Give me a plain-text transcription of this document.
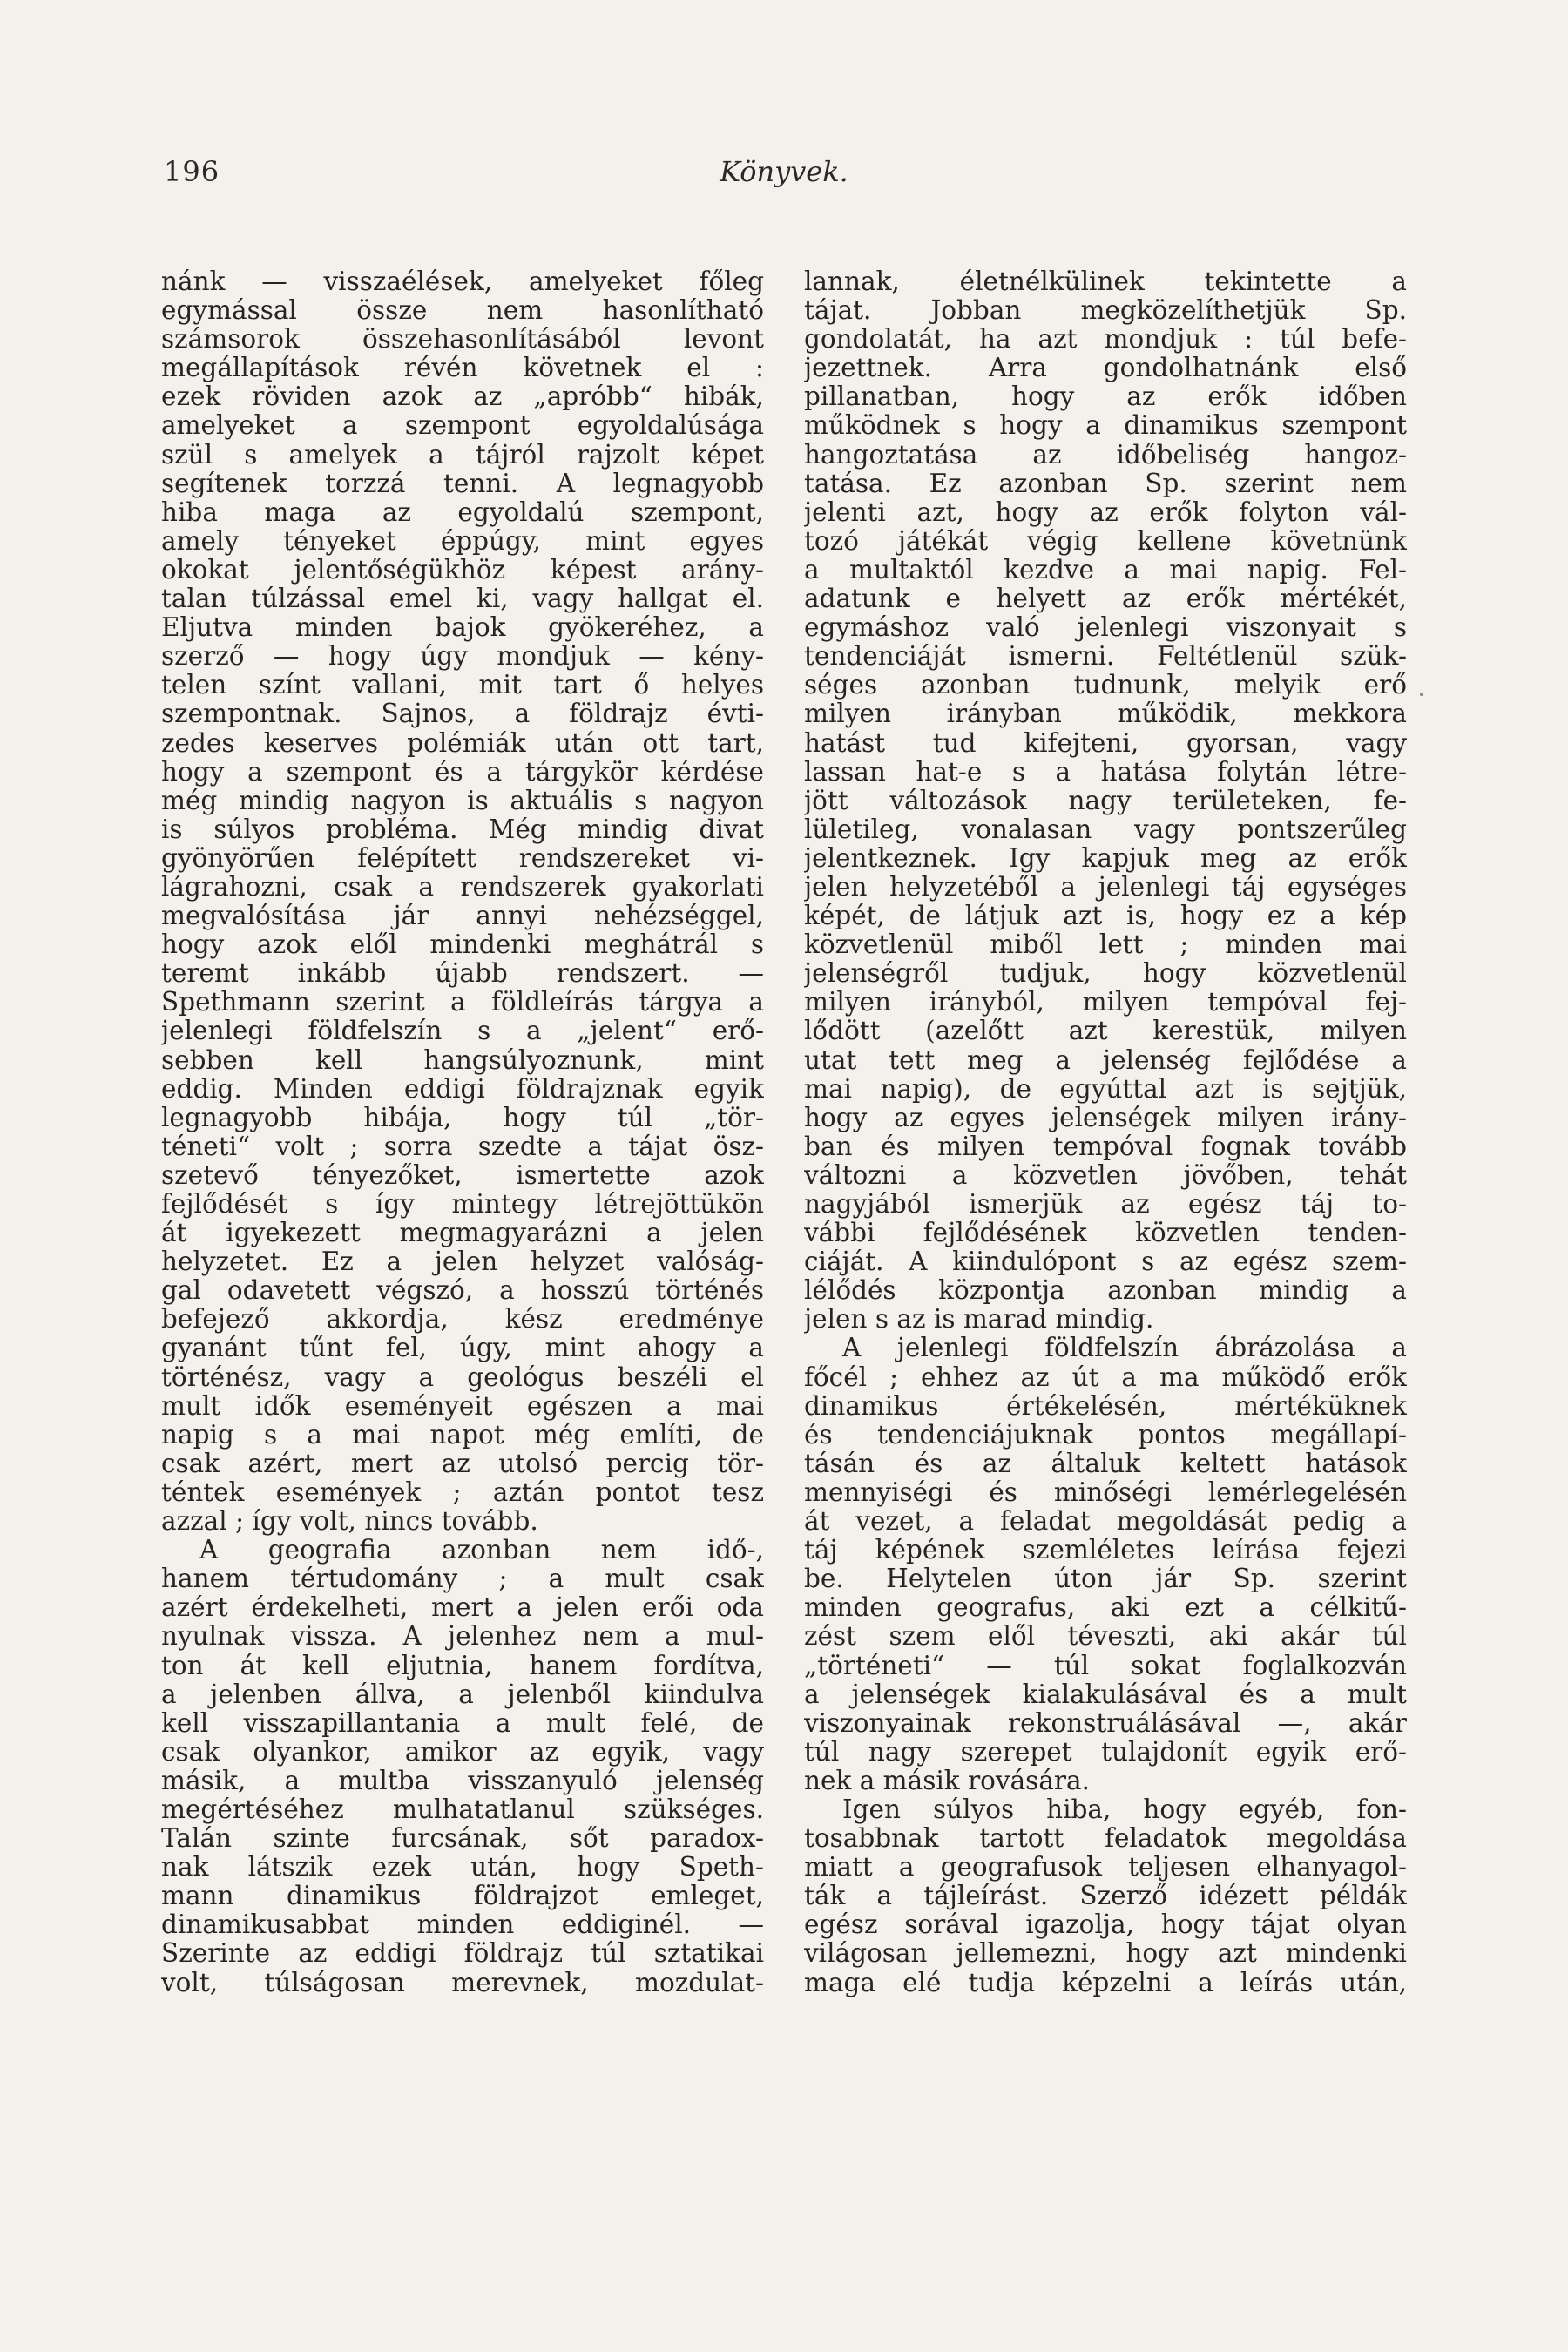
196	Könyvek.
nánk — visszaélések, amelyeket főleg
egymással össze nem hasonlítható
számsorok összehasonlításából levont
megállapítások révén követnek el :
ezek röviden azok az „apróbb“ hibák,
amelyeket a szempont egyoldalúsága
szül s amelyek a tájról rajzolt képet
segítenek torzzá tenni. A legnagyobb
hiba maga az egyoldalú szempont,
amely tényeket éppúgy, mint egyes
okokat jelentőségükhöz képest arány-
talan túlzással emel ki, vagy hallgat el.
Eljutva minden bajok gyökeréhez, a
szerző — hogy úgy mondjuk — kény-
telen színt vallani, mit tart ő helyes
szempontnak. Sajnos, a földrajz évti-
zedes keserves polémiák után ott tart,
hogy a szempont és a tárgykör kérdése
még mindig nagyon is aktuális s nagyon
is súlyos probléma. Még mindig divat
gyönyörűen felépített rendszereket vi-
lágrahozni, csak a rendszerek gyakorlati
megvalósítása jár annyi nehézséggel,
hogy azok elől mindenki meghátrál s
teremt inkább újabb rendszert. —
Spethmann szerint a földleírás tárgya a
jelenlegi földfelszín s a „jelent“ erő-
sebben kell hangsúlyoznunk, mint
eddig. Minden eddigi földrajznak egyik
legnagyobb hibája, hogy túl „tör-
téneti“ volt ; sorra szedte a tájat ösz-
szetevő tényezőket, ismertette azok
fejlődését s így mintegy létrejöttükön
át igyekezett megmagyarázni a jelen
helyzetet. Ez a jelen helyzet valóság-
gal odavetett végszó, a hosszú történés
befejező akkordja, kész eredménye
gyanánt tűnt fel, úgy, mint ahogy a
történész, vagy a geológus beszéli el
mult idők eseményeit egészen a mai
napig s a mai napot még említi, de
csak azért, mert az utolsó percig tör-
téntek események ; aztán pontot tesz
azzal ; így volt, nincs tovább.
A geografia azonban nem idő-,
hanem tértudomány ; a mult csak
azért érdekelheti, mert a jelen erői oda
nyulnak vissza. A jelenhez nem a mul-
ton át kell eljutnia, hanem fordítva,
a jelenben állva, a jelenből kiindulva
kell visszapillantania a mult felé, de
csak olyankor, amikor az egyik, vagy
másik, a multba visszanyuló jelenség
megértéséhez mulhatatlanul szükséges.
Talán szinte furcsának, sőt paradox-
nak látszik ezek után, hogy Speth-
mann dinamikus földrajzot emleget,
dinamikusabbat minden eddiginél. —
Szerinte az eddigi földrajz túl sztatikai
volt, túlságosan merevnek, mozdulat-
lannak, életnélkülinek tekintette a
tájat. Jobban megközelíthetjük Sp.
gondolatát, ha azt mondjuk : túl befe-
jezettnek. Arra gondolhatnánk első
pillanatban, hogy az erők időben
működnek s hogy a dinamikus szempont
hangoztatása az időbeliség hangoz-
tatása. Ez azonban Sp. szerint nem
jelenti azt, hogy az erők folyton vál-
tozó játékát végig kellene követnünk
a multaktól kezdve a mai napig. Fel-
adatunk e helyett az erők mértékét,
egymáshoz való jelenlegi viszonyait s
tendenciáját ismerni. Feltétlenül szük-
séges azonban tudnunk, melyik erő
milyen irányban működik, mekkora
hatást tud kifejteni, gyorsan, vagy
lassan hat-e s a hatása folytán létre-
jött változások nagy területeken, fe-
lületileg, vonalasan vagy pontszerűleg
jelentkeznek. Igy kapjuk meg az erők
jelen helyzetéből a jelenlegi táj egységes
képét, de látjuk azt is, hogy ez a kép
közvetlenül miből lett ; minden mai
jelenségről tudjuk, hogy közvetlenül
milyen irányból, milyen tempóval fej-
lődött (azelőtt azt kerestük, milyen
utat tett meg a jelenség fejlődése a
mai napig), de egyúttal azt is sejtjük,
hogy az egyes jelenségek milyen irány-
ban és milyen tempóval fognak tovább
változni a közvetlen jövőben, tehát
nagyjából ismerjük az egész táj to-
vábbi fejlődésének közvetlen tenden-
ciáját. A kiindulópont s az egész szem-
lélődés központja azonban mindig a
jelen s az is marad mindig.
A jelenlegi földfelszín ábrázolása a
főcél ; ehhez az út a ma működő erők
dinamikus értékelésén, mértéküknek
és tendenciájuknak pontos megállapí-
tásán és az általuk keltett hatások
mennyiségi és minőségi lemérlegelésén
át vezet, a feladat megoldását pedig a
táj képének szemléletes leírása fejezi
be. Helytelen úton jár Sp. szerint
minden geografus, aki ezt a célkitű-
zést szem elől téveszti, aki akár túl
„történeti“ — túl sokat foglalkozván
a jelenségek kialakulásával és a mult
viszonyainak rekonstruálásával —, akár
túl nagy szerepet tulajdonít egyik erő-
nek a másik rovására.
Igen súlyos hiba, hogy egyéb, fon-
tosabbnak tartott feladatok megoldása
miatt a geografusok teljesen elhanyagol-
ták a tájleírást. Szerző idézett példák
egész sorával igazolja, hogy tájat olyan
világosan jellemezni, hogy azt mindenki
maga elé tudja képzelni a leírás után,
